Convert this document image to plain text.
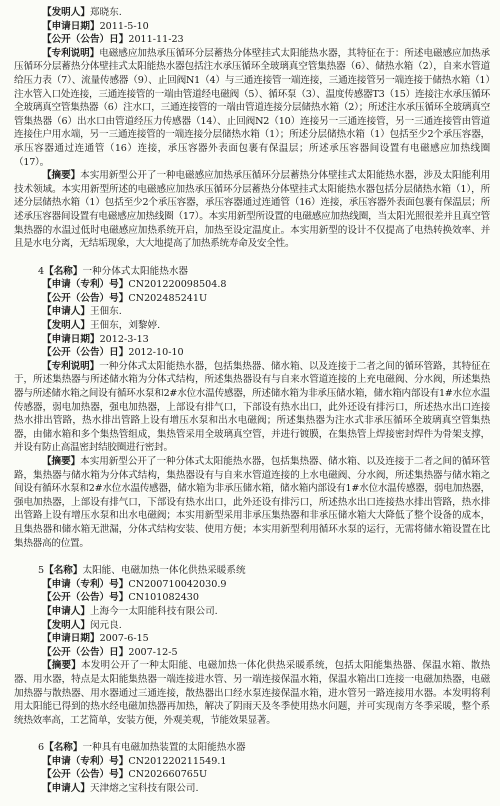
【发明人】郑晓东.
【申请日期】2011-5-10
【公开（公告）日】2011-11-23

【专利说明】电磁感应加热承压循环分层蓄热分体壁挂式太阳能热水器，其特征在于：所述电磁感应加热承压循环分层蓄热分体壁挂式太阳能热水器包括注水承压循环全玻璃真空管集热器（6）、储热水箱（2），自来水管道给压力表（7）、流量传感器（9）、止回阀N1（4）与三通连接管一端连接，三通连接管另一端连接于储热水箱（1）注水管入口处连接，三通连接管的一端由管道经电磁阀（5）、循环泵（3）、温度传感器T3（15）连接注水承压循环全玻璃真空管集热器（6）注水口，三通连接管的一端由管道连接分层储热水箱（2）；所述注水承压循环全玻璃真空管集热器（6）出水口由管道经压力传感器（14）、止回阀N2（10）连接另一三通连接管，另一三通连接管由管道连接住户用水端，另一三通连接管的一端连接分层储热水箱（1）；所述分层储热水箱（1）包括至少2个承压容器，承压容器通过连通管（16）连接，承压容器外表面包裹有保温层；所述承压容器间设置有电磁感应加热线圈（17）。

【摘要】本实用新型公开了一种电磁感应加热承压循环分层蓄热分体壁挂式太阳能热水器，涉及太阳能利用技术领域。本实用新型所述的电磁感应加热承压循环分层蓄热分体壁挂式太阳能热水器包括分层储热水箱（1），所述分层储热水箱（1）包括至少2个承压容器，承压容器通过连通管（16）连接，承压容器外表面包裹有保温层；所述承压容器间设置有电磁感应加热线圈（17）。本实用新型所设置的电磁感应加热线圈，当太阳光照很差并且真空管集热器的水温过低时电磁感应加热系统开启，加热至设定温度止。本实用新型的设计不仅提高了电热转换效率、并且是水电分离，无结垢现象，大大地提高了加热系统寿命及安全性。

4【名称】一种分体式太阳能热水器
【申请（专利）号】CN201220098504.8
【公开（公告）号】CN202485241U
【申请人】王佃东.
【发明人】王佃东，刘黎婷.
【申请日期】2012-3-13
【公开（公告）日】2012-10-10

【专利说明】一种分体式太阳能热水器，包括集热器、储水箱、以及连接于二者之间的循环管路，其特征在于，所述集热器与所述储水箱为分体式结构，所述集热器设有与自来水管道连接的上充电磁阀、分水阀，所述集热器与所述储水箱之间设有循环水泵和2#水位水温传感器，所述储水箱为非承压储水箱，储水箱内部设有1#水位水温传感器，弱电加热器，强电加热器，上部设有排气口，下部设有热水出口，此外还设有排污口，所述热水出口连接热水排出管路，热水排出管路上设有增压水泵和出水电磁阀；所述集热器为注水式非承压循环全玻璃真空管集热器，由储水箱和多个集热管组成，集热管采用全玻璃真空管，并进行镀膜，在集热管上焊接密封焊件为骨架支撑，并设有防止高温密封结胶圈进行密封。

【摘要】本实用新型公开了一种分体式太阳能热水器，包括集热器、储水箱、以及连接于二者之间的循环管路，集热器与储水箱为分体式结构，集热器设有与自来水管道连接的上水电磁阀、分水阀，所述集热器与储水箱之间设有循环水泵和2#水位水温传感器，储水箱为非承压储水箱，储水箱内部设有1#水位水温传感器，弱电加热器，强电加热器，上部设有排气口，下部设有热水出口，此外还设有排污口，所述热水出口连接热水排出管路，热水排出管路上设有增压水泵和出水电磁阀；本实用新型采用非承压集热器和非承压储水箱大大降低了整个设备的成本，且集热器和储水箱无泄漏，分体式结构安装、使用方便；本实用新型利用循环水泵的运行，无需将储水箱设置在比集热器高的位置。

5【名称】太阳能、电磁加热一体化供热采暖系统
【申请（专利）号】CN200710042030.9
【公开（公告）号】CN101082430
【申请人】上海今一太阳能科技有限公司.
【发明人】闵元良.
【申请日期】2007-6-15
【公开（公告）日】2007-12-5

【摘要】本发明公开了一种太阳能、电磁加热一体化供热采暖系统，包括太阳能集热器、保温水箱、散热器、用水器，特点是太阳能集热器一端连接进水管、另一端连接保温水箱，保温水箱出口连接一电磁加热器，电磁加热器与散热器、用水器通过三通连接，散热器出口经水泵连接保温水箱，进水管另一路连接用水器。本发明将利用太阳能已得到的热水经电磁加热器再加热，解决了阴雨天及冬季使用热水问题，并可实现南方冬季采暖，整个系统热效率高，工艺简单，安装方便，外观美观，节能效果显著。

6【名称】一种具有电磁加热装置的太阳能热水器
【申请（专利）号】CN201220211549.1
【公开（公告）号】CN202660765U
【申请人】天津熔之宝科技有限公司.
